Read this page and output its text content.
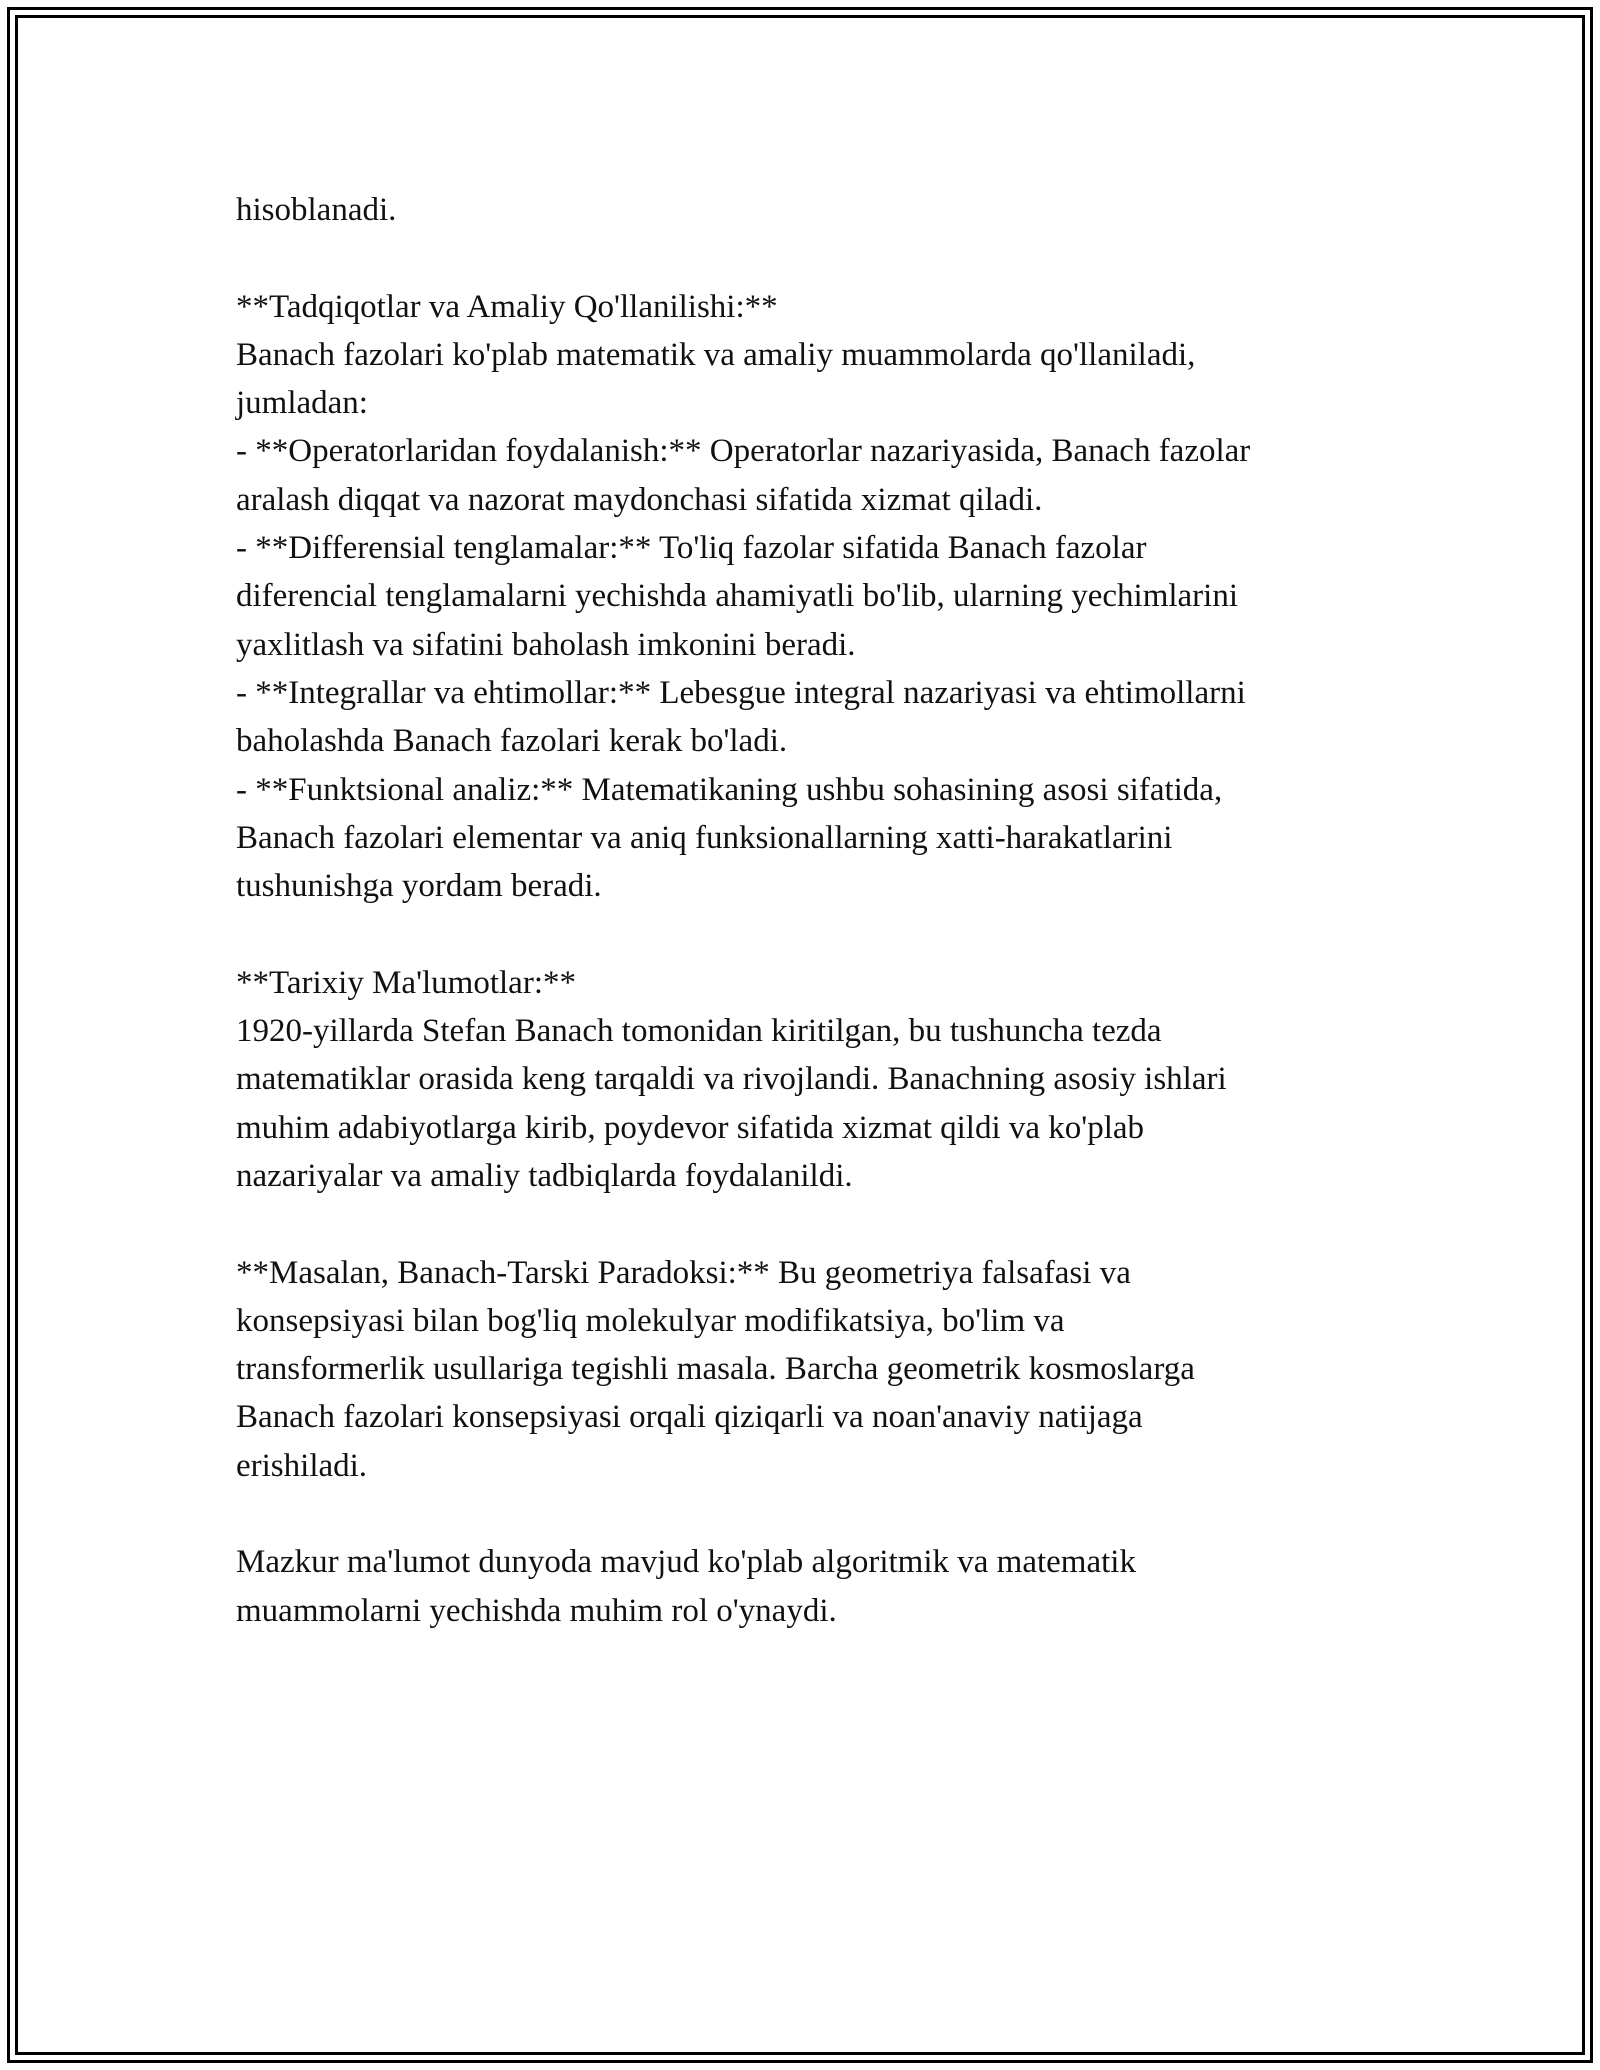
hisoblanadi.

**Tadqiqotlar va Amaliy Qo'llanilishi:**
Banach fazolari ko'plab matematik va amaliy muammolarda qo'llaniladi,
jumladan:
- **Operatorlaridan foydalanish:** Operatorlar nazariyasida, Banach fazolar
aralash diqqat va nazorat maydonchasi sifatida xizmat qiladi.
- **Differensial tenglamalar:** To'liq fazolar sifatida Banach fazolar
diferencial tenglamalarni yechishda ahamiyatli bo'lib, ularning yechimlarini
yaxlitlash va sifatini baholash imkonini beradi.
- **Integrallar va ehtimollar:** Lebesgue integral nazariyasi va ehtimollarni
baholashda Banach fazolari kerak bo'ladi.
- **Funktsional analiz:** Matematikaning ushbu sohasining asosi sifatida,
Banach fazolari elementar va aniq funksionallarning xatti-harakatlarini
tushunishga yordam beradi.

**Tarixiy Ma'lumotlar:**
1920-yillarda Stefan Banach tomonidan kiritilgan, bu tushuncha tezda
matematiklar orasida keng tarqaldi va rivojlandi. Banachning asosiy ishlari
muhim adabiyotlarga kirib, poydevor sifatida xizmat qildi va ko'plab
nazariyalar va amaliy tadbiqlarda foydalanildi.

**Masalan, Banach-Tarski Paradoksi:** Bu geometriya falsafasi va
konsepsiyasi bilan bog'liq molekulyar modifikatsiya, bo'lim va
transformerlik usullariga tegishli masala. Barcha geometrik kosmoslarga
Banach fazolari konsepsiyasi orqali qiziqarli va noan'anaviy natijaga
erishiladi.

Mazkur ma'lumot dunyoda mavjud ko'plab algoritmik va matematik
muammolarni yechishda muhim rol o'ynaydi.
